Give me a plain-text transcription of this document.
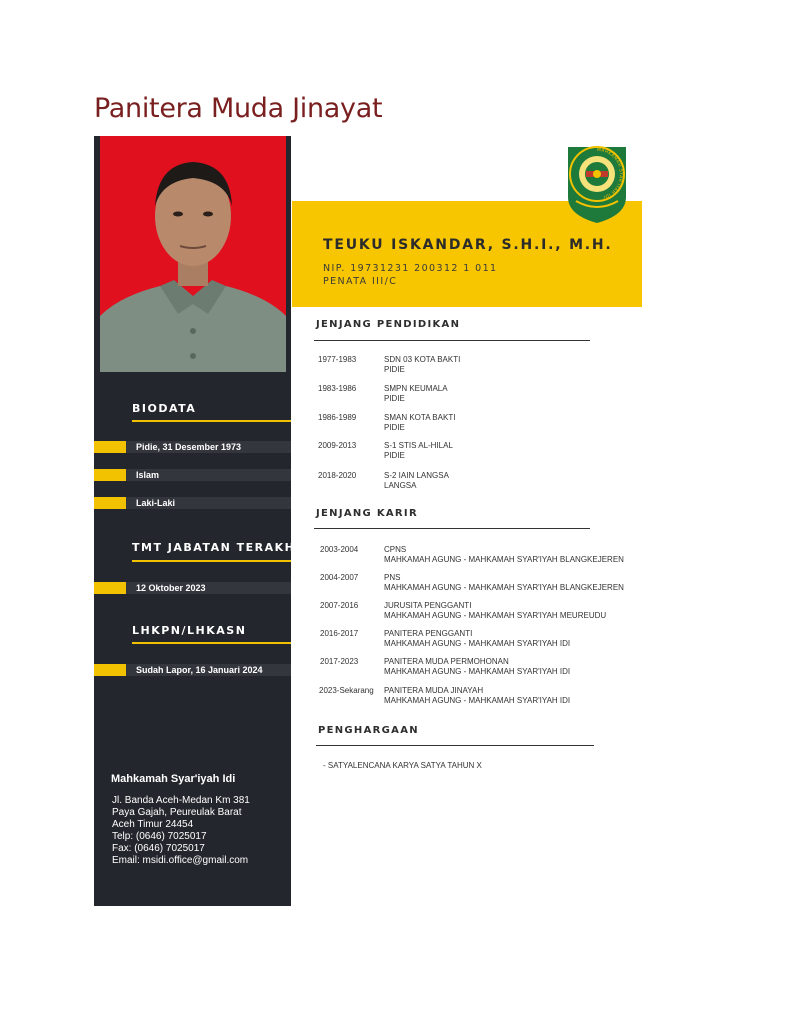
Panitera Muda Jinayat
BIODATA
Pidie, 31 Desember 1973
Islam
Laki-Laki
TMT JABATAN TERAKHIR
12 Oktober 2023
LHKPN/LHKASN
Sudah Lapor, 16 Januari 2024
Mahkamah Syar'iyah Idi
Jl. Banda Aceh-Medan Km 381
Paya Gajah, Peureulak Barat
Aceh Timur 24454
Telp: (0646) 7025017
Fax: (0646) 7025017
Email: msidi.office@gmail.com
MAHKAMAH SYAR'IYAH IDI
TEUKU ISKANDAR, S.H.I., M.H.
NIP. 19731231 200312 1 011
PENATA III/C
JENJANG PENDIDIKAN
1977-1983	SDN 03 KOTA BAKTI
PIDIE
1983-1986	SMPN KEUMALA
PIDIE
1986-1989	SMAN KOTA BAKTI
PIDIE
2009-2013	S-1 STIS AL-HILAL
PIDIE
2018-2020	S-2 IAIN LANGSA
LANGSA
JENJANG KARIR
2003-2004	CPNS
MAHKAMAH AGUNG - MAHKAMAH SYAR'IYAH BLANGKEJEREN
2004-2007	PNS
MAHKAMAH AGUNG - MAHKAMAH SYAR'IYAH BLANGKEJEREN
2007-2016	JURUSITA PENGGANTI
MAHKAMAH AGUNG - MAHKAMAH SYAR'IYAH MEUREUDU
2016-2017	PANITERA PENGGANTI
MAHKAMAH AGUNG - MAHKAMAH SYAR'IYAH IDI
2017-2023	PANITERA MUDA PERMOHONAN
MAHKAMAH AGUNG - MAHKAMAH SYAR'IYAH IDI
2023-Sekarang PANITERA MUDA JINAYAH
MAHKAMAH AGUNG - MAHKAMAH SYAR'IYAH IDI
PENGHARGAAN
- SATYALENCANA KARYA SATYA TAHUN X
